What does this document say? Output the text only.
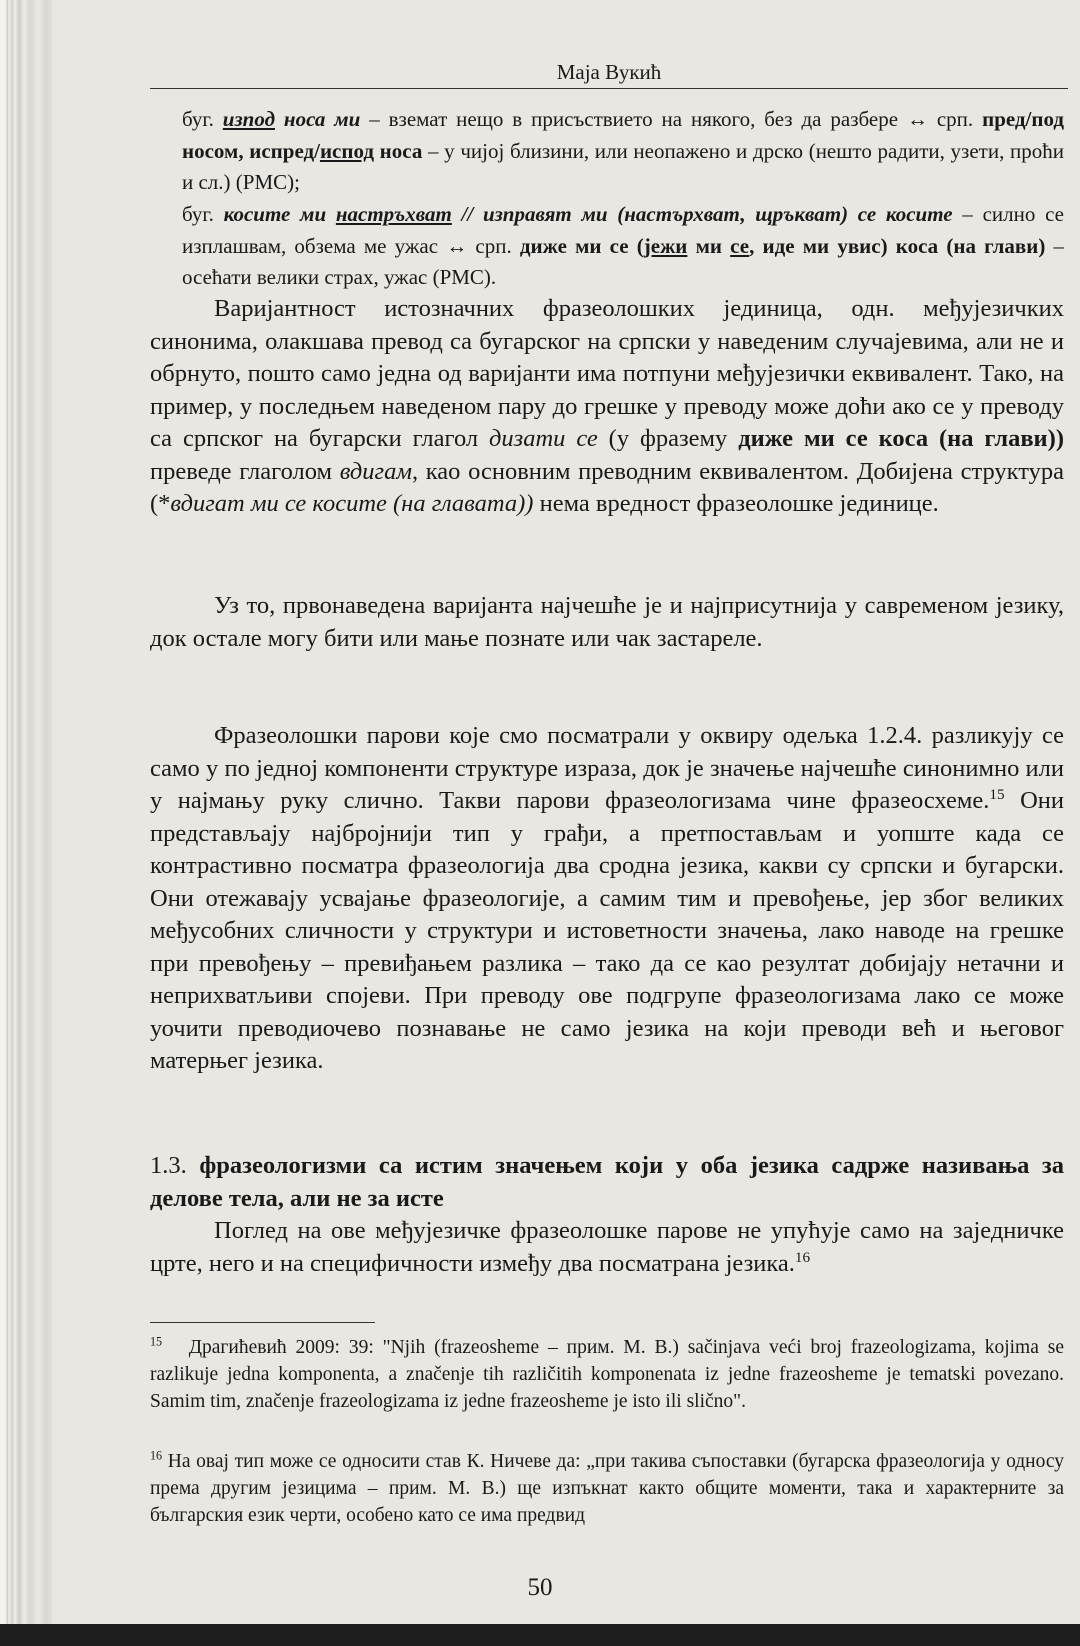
Маја Вукић
буг. изпод носа ми – вземат нещо в присъствието на някого, без да разбере ↔ срп. пред/под носом, испред/испод носа – у чијој близини, или неопажено и дрско (нешто радити, узети, проћи и сл.) (РМС);
буг. косите ми настръхват // изправят ми (настърхват, щръкват) се косите – силно се изплашвам, обзема ме ужас ↔ срп. диже ми се (јежи ми се, иде ми увис) коса (на глави) – осећати велики страх, ужас (РМС).
Варијантност истозначних фразеолошких јединица, одн. међујезичких синонима, олакшава превод са бугарског на српски у наведеним случајевима, али не и обрнуто, пошто само једна од варијанти има потпуни међујезички еквивалент. Тако, на пример, у последњем наведеном пару до грешке у преводу може доћи ако се у преводу са српског на бугарски глагол дизати се (у фразему диже ми се коса (на глави)) преведе глаголом вдигам, као основним преводним еквивалентом. Добијена структура (*вдигат ми се косите (на главата)) нема вредност фразеолошке јединице.
Уз то, првонаведена варијанта најчешће је и најприсутнија у савременом језику, док остале могу бити или мање познате или чак застареле.
Фразеолошки парови које смо посматрали у оквиру одељка 1.2.4. разликују се само у по једној компоненти структуре израза, док је значење најчешће синонимно или у најмању руку слично. Такви парови фразеологизама чине фразеосхеме.$^{15}$ Они представљају најбројнији тип у грађи, а претпостављам и уопште када се контрастивно посматра фразеологија два сродна језика, какви су српски и бугарски. Они отежавају усвајање фразеологије, а самим тим и превођење, јер због великих међусобних сличности у структури и истоветности значења, лако наводе на грешке при превођењу – превиђањем разлика – тако да се као резултат добијају нетачни и неприхватљиви спојеви. При преводу ове подгрупе фразеологизама лако се може уочити преводиочево познавање не само језика на који преводи већ и његовог матерњег језика.
1.3. фразеологизми са истим значењем који у оба језика садрже називања за делове тела, али не за исте
Поглед на ове међујезичке фразеолошке парове не упућује само на заједничке црте, него и на специфичности између два посматрана језика.$^{16}$
$^{15}$ Драгићевић 2009: 39: "Njih (frazeosheme – прим. М. В.) sačinjava veći broj frazeologizama, kojima se razlikuje jedna komponenta, a značenje tih različitih komponenata iz jedne frazeosheme je tematski povezano. Samim tim, značenje frazeologizama iz jedne frazeosheme je isto ili slično".
$^{16}$ На овај тип може се односити став К. Ничеве да: „при такива съпоставки (бугарска фразеологија у односу према другим језицима – прим. М. В.) ще изпъкнат както общите моменти, така и характерните за българския език черти, особено като се има предвид
50
